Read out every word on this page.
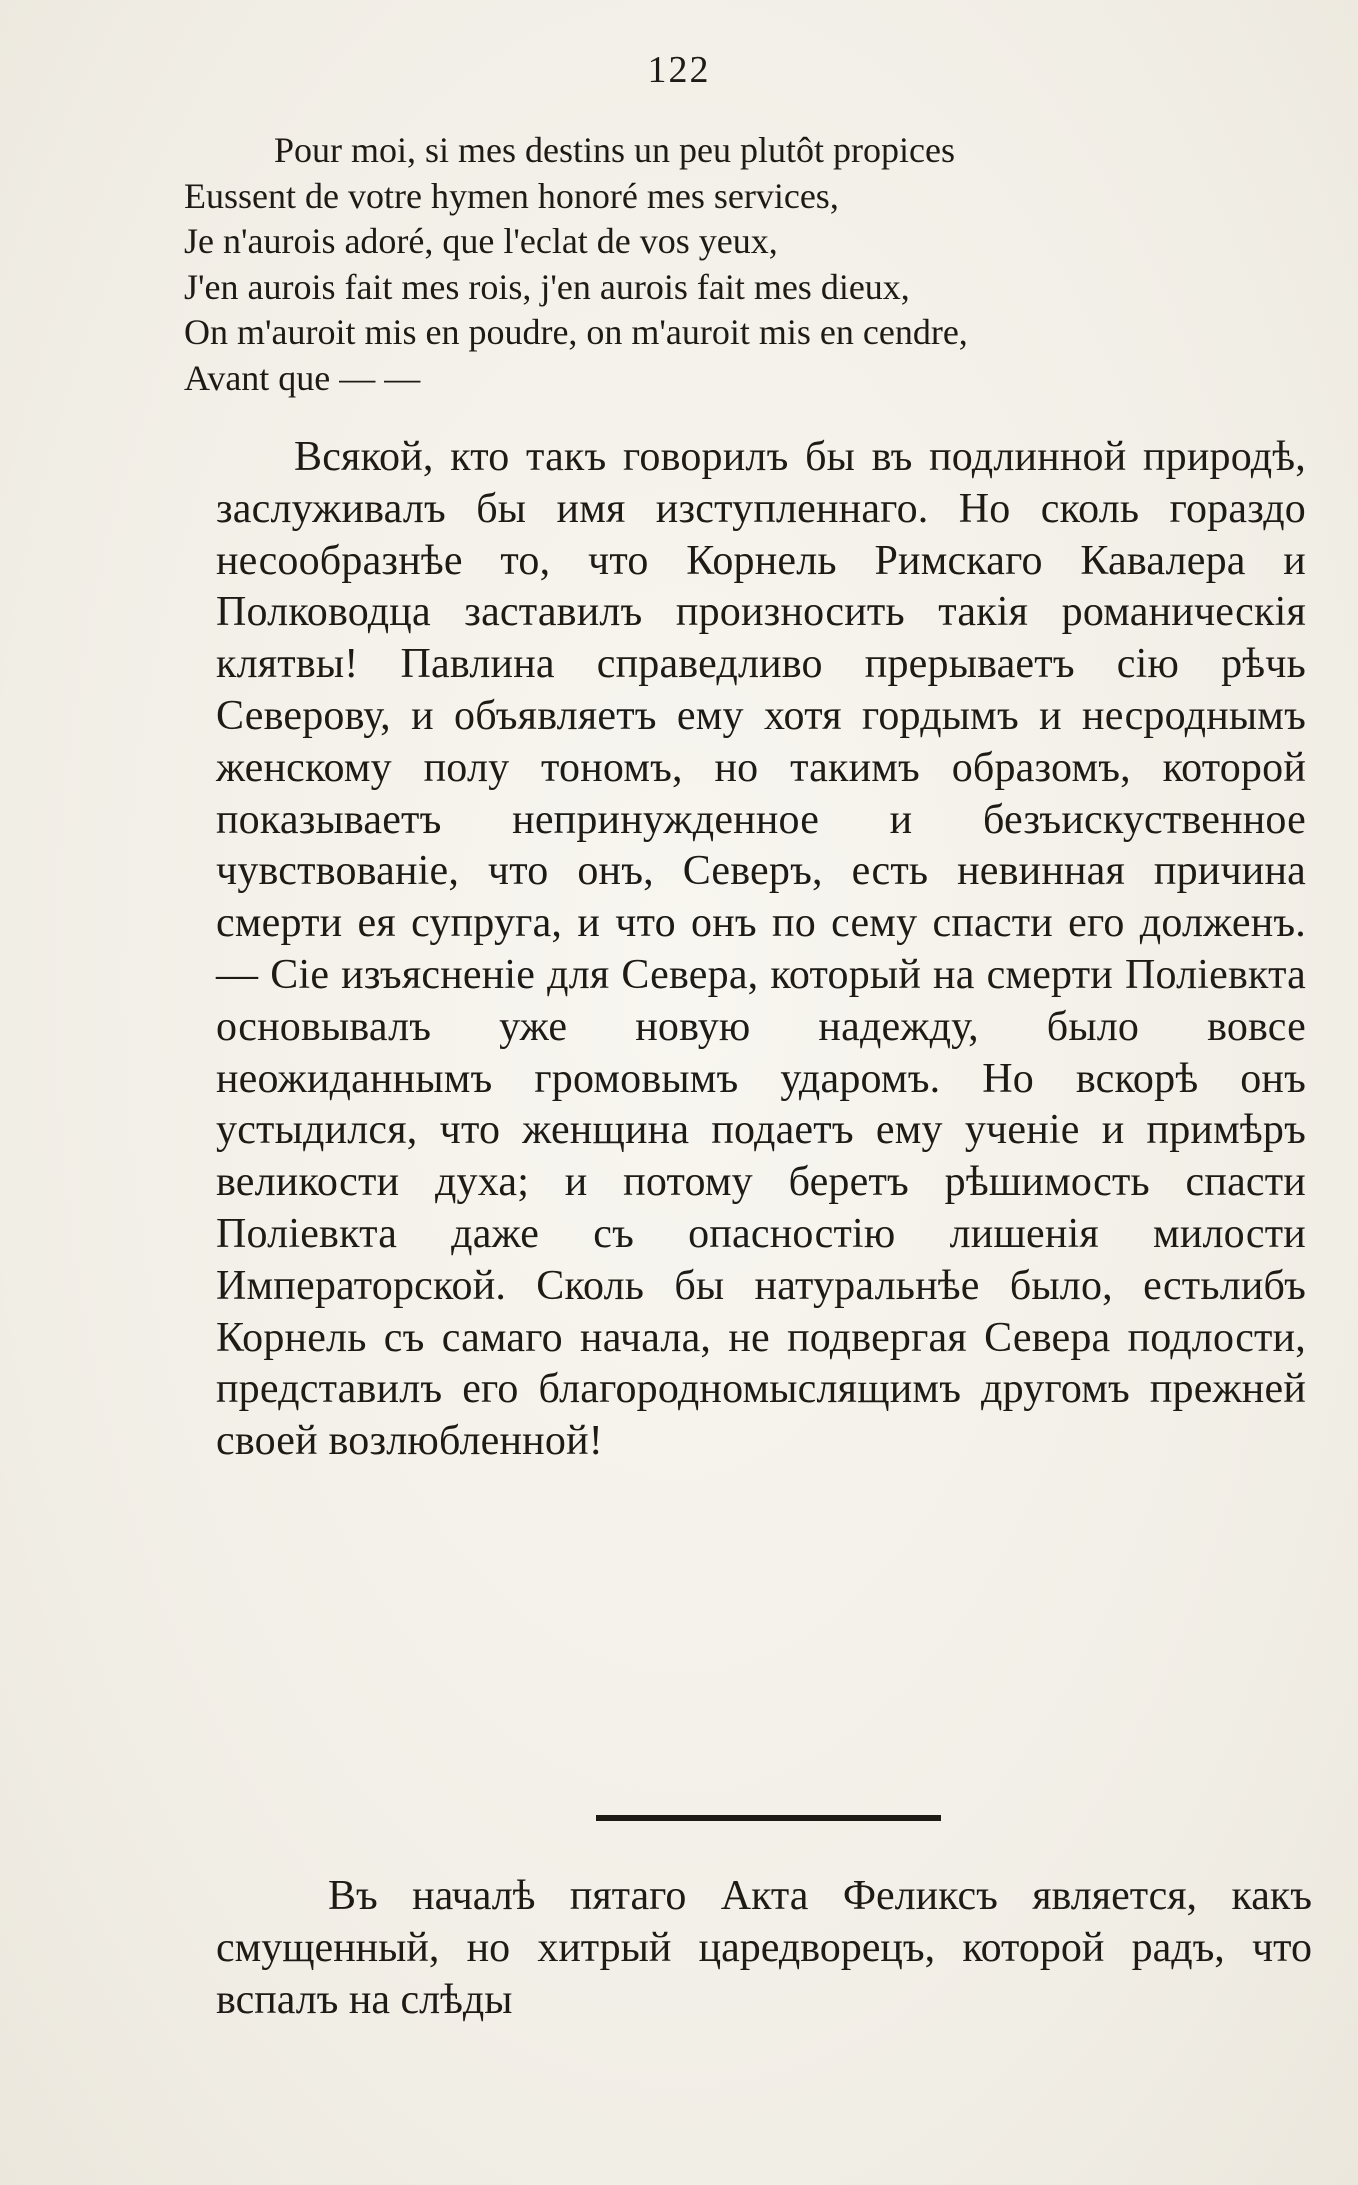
122
Pour moi, si mes destins un peu plutôt propices
Eussent de votre hymen honoré mes services,
Je n'aurois adoré, que l'eclat de vos yeux,
J'en aurois fait mes rois, j'en aurois fait mes dieux,
On m'auroit mis en poudre, on m'auroit mis en cendre,
Avant que — —

Всякой, кто такъ говорилъ бы въ подлинной природѣ, заслуживалъ бы имя изступленнаго. Но сколь гораздо несообразнѣе то, что Корнель Римскаго Кавалера и Полководца заставилъ произносить такія романическія клятвы! Павлина справедливо прерываетъ сію рѣчь Северову, и объявляетъ ему хотя гордымъ и несроднымъ женскому полу тономъ, но такимъ образомъ, которой показываетъ непринужденное и безъискуственное чувствованіе, что онъ, Северъ, есть невинная причина смерти ея супруга, и что онъ по сему спасти его долженъ. — Сіе изъясненіе для Севера, который на смерти Поліевкта основывалъ уже новую надежду, было вовсе неожиданнымъ громовымъ ударомъ. Но вскорѣ онъ устыдился, что женщина подаетъ ему ученіе и примѣръ великости духа; и потому беретъ рѣшимость спасти Поліевкта даже съ опасностію лишенія милости Императорской. Сколь бы натуральнѣе было, естьлибъ Корнель съ самаго начала, не подвергая Севера подлости, представилъ его благородномыслящимъ другомъ прежней своей возлюбленной!

Въ началѣ пятаго Акта Феликсъ является, какъ смущенный, но хитрый царедворецъ, которой радъ, что вспалъ на слѣды
